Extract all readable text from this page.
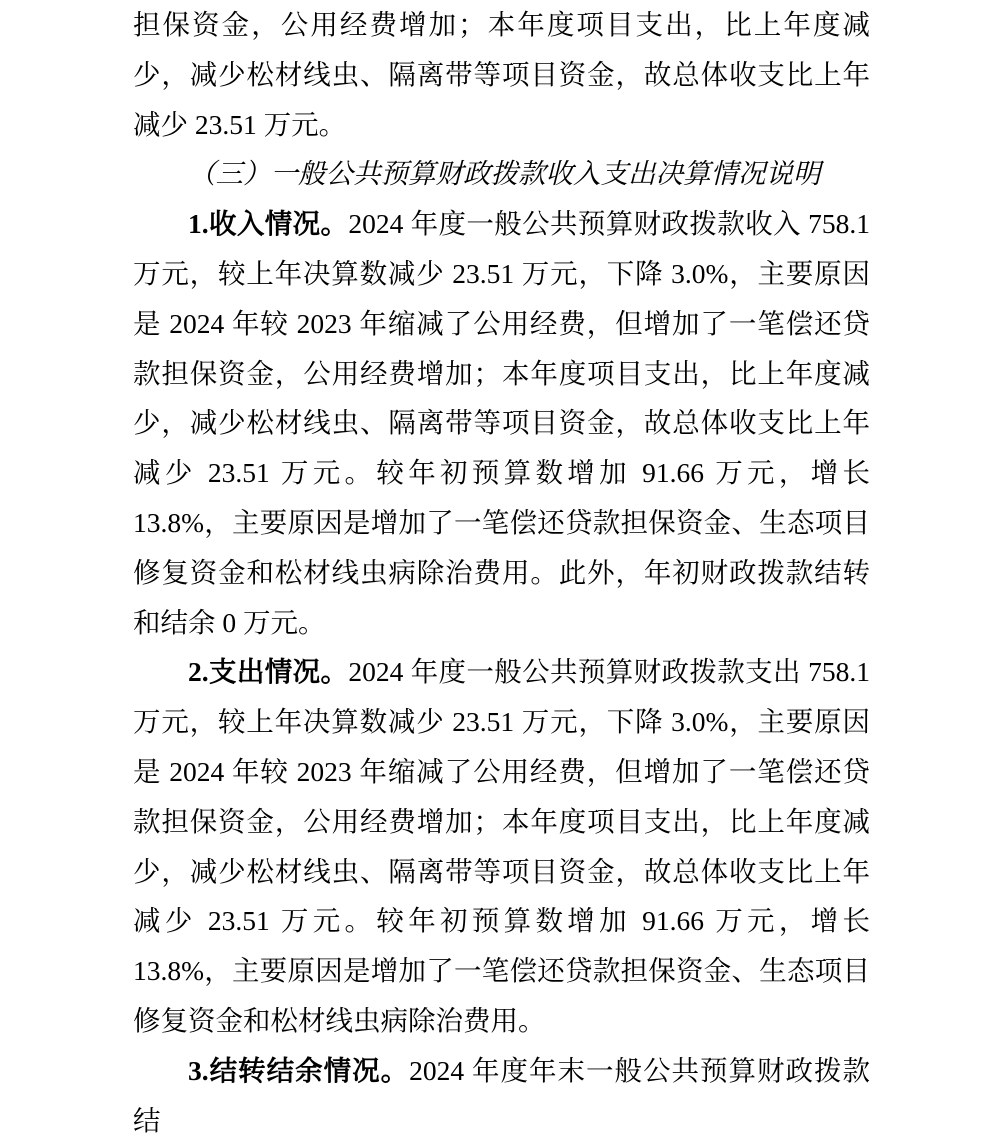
担保资金，公用经费增加；本年度项目支出，比上年度减少，减少松材线虫、隔离带等项目资金，故总体收支比上年减少 23.51 万元。

（三）一般公共预算财政拨款收入支出决算情况说明

1.收入情况。2024 年度一般公共预算财政拨款收入 758.1 万元，较上年决算数减少 23.51 万元，下降 3.0%，主要原因是 2024 年较 2023 年缩减了公用经费，但增加了一笔偿还贷款担保资金，公用经费增加；本年度项目支出，比上年度减少，减少松材线虫、隔离带等项目资金，故总体收支比上年减少 23.51 万元。较年初预算数增加 91.66 万元，增长 13.8%，主要原因是增加了一笔偿还贷款担保资金、生态项目修复资金和松材线虫病除治费用。此外，年初财政拨款结转和结余 0 万元。

2.支出情况。2024 年度一般公共预算财政拨款支出 758.1 万元，较上年决算数减少 23.51 万元，下降 3.0%，主要原因是 2024 年较 2023 年缩减了公用经费，但增加了一笔偿还贷款担保资金，公用经费增加；本年度项目支出，比上年度减少，减少松材线虫、隔离带等项目资金，故总体收支比上年减少 23.51 万元。较年初预算数增加 91.66 万元，增长 13.8%，主要原因是增加了一笔偿还贷款担保资金、生态项目修复资金和松材线虫病除治费用。

3.结转结余情况。2024 年度年末一般公共预算财政拨款结
